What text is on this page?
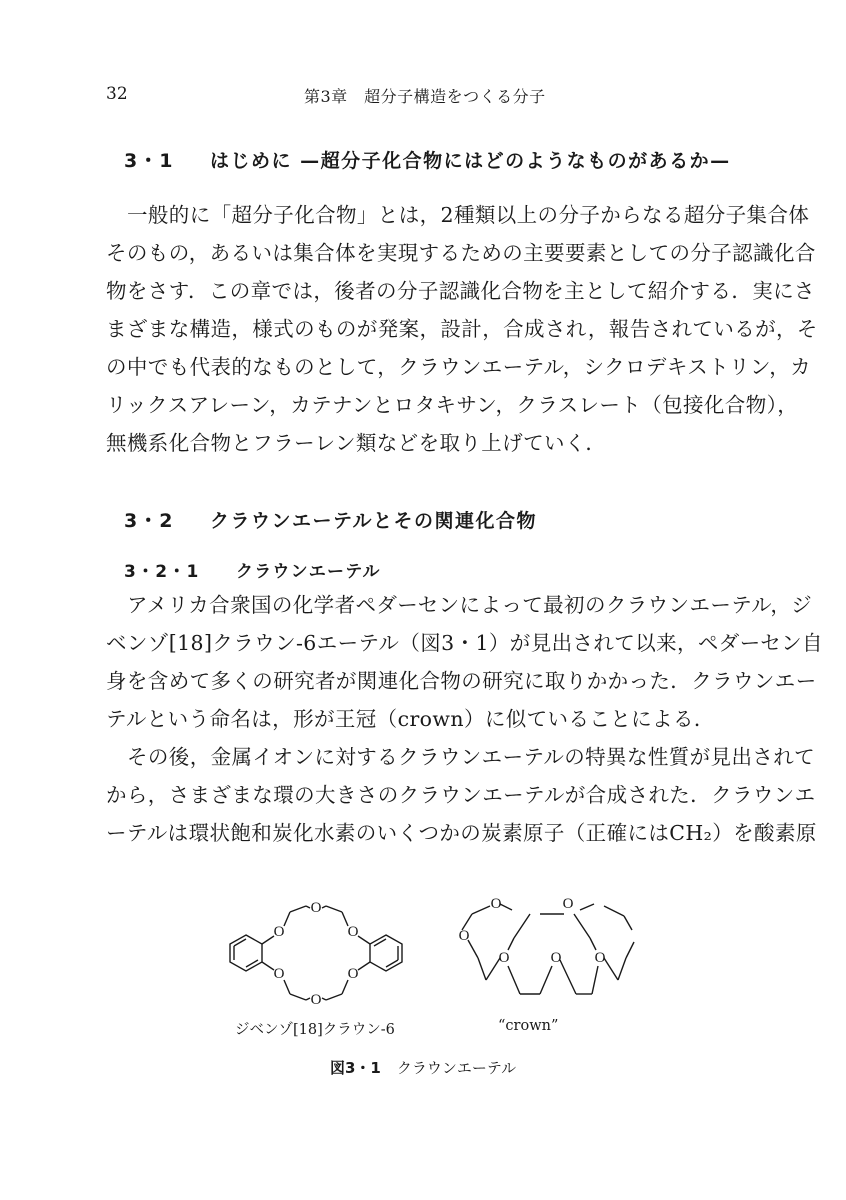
32	第3章　超分子構造をつくる分子
3・1 はじめに —超分子化合物にはどのようなものがあるか—
一般的に「超分子化合物」とは，2種類以上の分子からなる超分子集合体
そのもの，あるいは集合体を実現するための主要要素としての分子認識化合
物をさす．この章では，後者の分子認識化合物を主として紹介する．実にさ
まざまな構造，様式のものが発案，設計，合成され，報告されているが，そ
の中でも代表的なものとして，クラウンエーテル，シクロデキストリン，カ
リックスアレーン，カテナンとロタキサン，クラスレート（包接化合物），
無機系化合物とフラーレン類などを取り上げていく．
3・2 クラウンエーテルとその関連化合物
3・2・1 クラウンエーテル
アメリカ合衆国の化学者ペダーセンによって最初のクラウンエーテル，ジ
ベンゾ[18]クラウン-6エーテル（図3・1）が見出されて以来，ペダーセン自
身を含めて多くの研究者が関連化合物の研究に取りかかった．クラウンエー
テルという命名は，形が王冠（crown）に似ていることによる．
その後，金属イオンに対するクラウンエーテルの特異な性質が見出されて
から，さまざまな環の大きさのクラウンエーテルが合成された．クラウンエ
ーテルは環状飽和炭化水素のいくつかの炭素原子（正確にはCH₂）を酸素原
O
O
O
O
O
O
O
O
O	O
O
O
ジベンゾ[18]クラウン-6	“crown”
図3・1 クラウンエーテル
